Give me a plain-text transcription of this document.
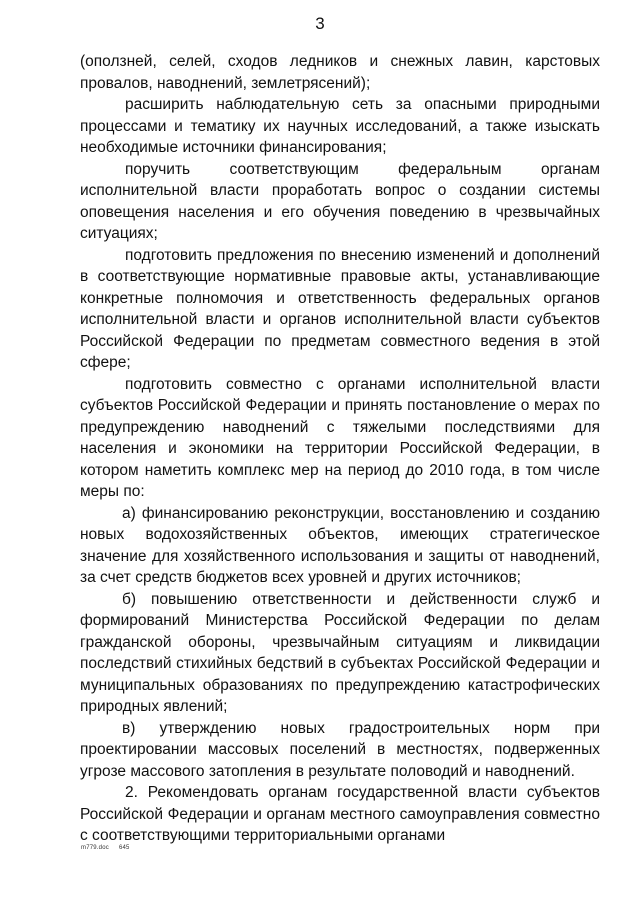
3

(оползней, селей, сходов ледников и снежных лавин, карстовых провалов, наводнений, землетрясений);

расширить наблюдательную сеть за опасными природными процессами и тематику их научных исследований, а также изыскать необходимые источники финансирования;

поручить соответствующим федеральным органам исполнительной власти проработать вопрос о создании системы оповещения населения и его обучения поведению в чрезвычайных ситуациях;

подготовить предложения по внесению изменений и дополнений в соответствующие нормативные правовые акты, устанавливающие конкретные полномочия и ответственность федеральных органов исполнительной власти и органов исполнительной власти субъектов Российской Федерации по предметам совместного ведения в этой сфере;

подготовить совместно с органами исполнительной власти субъектов Российской Федерации и принять постановление о мерах по предупреждению наводнений с тяжелыми последствиями для населения и экономики на территории Российской Федерации, в котором наметить комплекс мер на период до 2010 года, в том числе меры по:

а) финансированию реконструкции, восстановлению и созданию новых водохозяйственных объектов, имеющих стратегическое значение для хозяйственного использования и защиты от наводнений, за счет средств бюджетов всех уровней и других источников;

б) повышению ответственности и действенности служб и формирований Министерства Российской Федерации по делам гражданской обороны, чрезвычайным ситуациям и ликвидации последствий стихийных бедствий в субъектах Российской Федерации и муниципальных образованиях по предупреждению катастрофических природных явлений;

в) утверждению новых градостроительных норм при проектировании массовых поселений в местностях, подверженных угрозе массового затопления в результате половодий и наводнений.

2. Рекомендовать органам государственной власти субъектов Российской Федерации и органам местного самоуправления совместно с соответствующими территориальными органами

m779.doc 645
